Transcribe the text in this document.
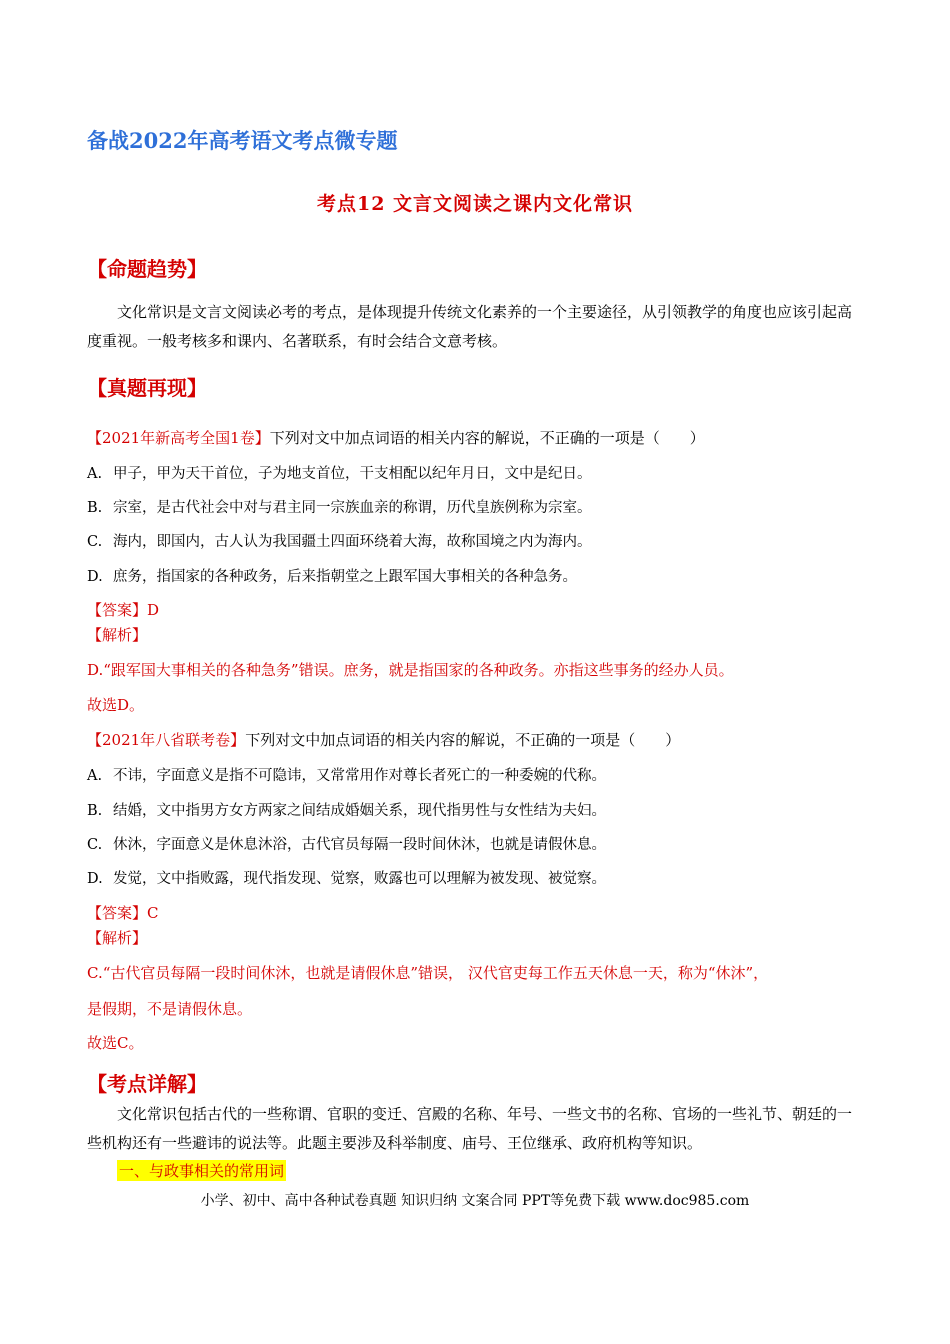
备战2022年高考语文考点微专题
考点12 文言文阅读之课内文化常识
【命题趋势】
文化常识是文言文阅读必考的考点，是体现提升传统文化素养的一个主要途径，从引领教学的角度也应该引起高度重视。一般考核多和课内、名著联系，有时会结合文意考核。
【真题再现】
【2021年新高考全国1卷】下列对文中加点词语的相关内容的解说，不正确的一项是（　　）
A. 甲子，甲为天干首位，子为地支首位，干支相配以纪年月日，文中是纪日。
B. 宗室，是古代社会中对与君主同一宗族血亲的称谓，历代皇族例称为宗室。
C. 海内，即国内，古人认为我国疆土四面环绕着大海，故称国境之内为海内。
D. 庶务，指国家的各种政务，后来指朝堂之上跟军国大事相关的各种急务。
【答案】D
【解析】
D.“跟军国大事相关的各种急务”错误。庶务，就是指国家的各种政务。亦指这些事务的经办人员。
故选D。
【2021年八省联考卷】下列对文中加点词语的相关内容的解说，不正确的一项是（　　）
A. 不讳，字面意义是指不可隐讳，又常常用作对尊长者死亡的一种委婉的代称。
B. 结婚，文中指男方女方两家之间结成婚姻关系，现代指男性与女性结为夫妇。
C. 休沐，字面意义是休息沐浴，古代官员每隔一段时间休沐，也就是请假休息。
D. 发觉，文中指败露，现代指发现、觉察，败露也可以理解为被发现、被觉察。
【答案】C
【解析】
C.“古代官员每隔一段时间休沐，也就是请假休息”错误， 汉代官吏每工作五天休息一天，称为“休沐”，
是假期，不是请假休息。
故选C。
【考点详解】
文化常识包括古代的一些称谓、官职的变迁、宫殿的名称、年号、一些文书的名称、官场的一些礼节、朝廷的一些机构还有一些避讳的说法等。此题主要涉及科举制度、庙号、王位继承、政府机构等知识。
一、与政事相关的常用词
小学、初中、高中各种试卷真题 知识归纳 文案合同 PPT等免费下载 www.doc985.com
